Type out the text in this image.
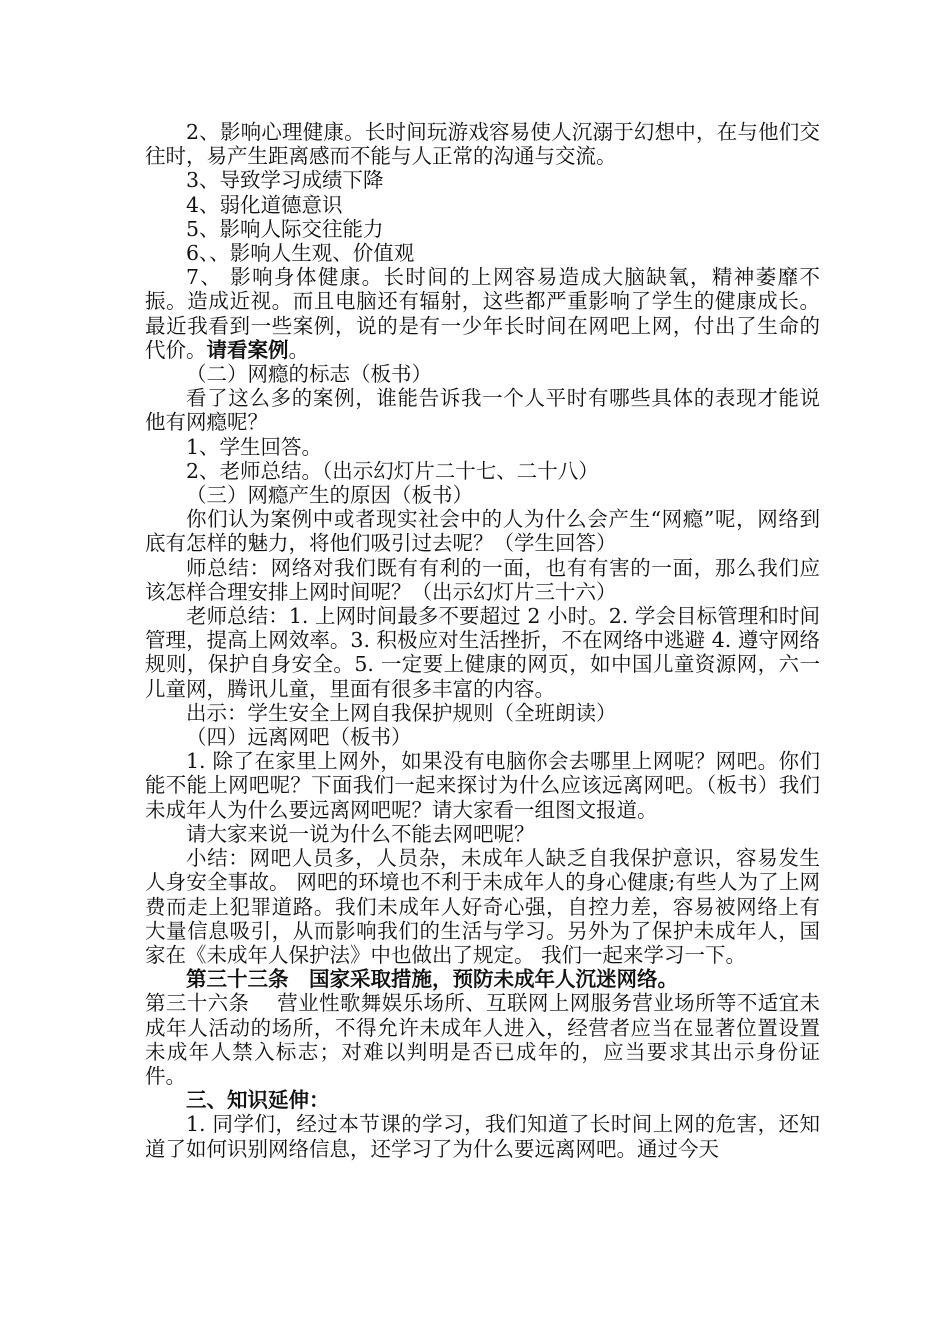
2、影响心理健康。长时间玩游戏容易使人沉溺于幻想中，在与他们交往时，易产生距离感而不能与人正常的沟通与交流。

3、导致学习成绩下降

4、弱化道德意识

5、影响人际交往能力

6、、影响人生观、价值观

7、 影响身体健康。长时间的上网容易造成大脑缺氧，精神萎靡不振。造成近视。而且电脑还有辐射，这些都严重影响了学生的健康成长。最近我看到一些案例，说的是有一少年长时间在网吧上网，付出了生命的代价。请看案例。

（二）网瘾的标志（板书）

看了这么多的案例，谁能告诉我一个人平时有哪些具体的表现才能说他有网瘾呢？

1、学生回答。

2、老师总结。（出示幻灯片二十七、二十八）

（三）网瘾产生的原因（板书）

你们认为案例中或者现实社会中的人为什么会产生“网瘾”呢，网络到底有怎样的魅力，将他们吸引过去呢？（学生回答）

师总结：网络对我们既有有利的一面，也有有害的一面，那么我们应该怎样合理安排上网时间呢？（出示幻灯片三十六）

老师总结：1. 上网时间最多不要超过 2 小时。2. 学会目标管理和时间管理，提高上网效率。3. 积极应对生活挫折，不在网络中逃避 4. 遵守网络规则，保护自身安全。5. 一定要上健康的网页，如中国儿童资源网，六一儿童网，腾讯儿童，里面有很多丰富的内容。

出示：学生安全上网自我保护规则（全班朗读）

（四）远离网吧（板书）

1. 除了在家里上网外，如果没有电脑你会去哪里上网呢？网吧。你们能不能上网吧呢？下面我们一起来探讨为什么应该远离网吧。（板书）我们未成年人为什么要远离网吧呢？请大家看一组图文报道。

请大家来说一说为什么不能去网吧呢？

小结：网吧人员多，人员杂，未成年人缺乏自我保护意识，容易发生人身安全事故。 网吧的环境也不利于未成年人的身心健康;有些人为了上网费而走上犯罪道路。我们未成年人好奇心强，自控力差，容易被网络上有大量信息吸引，从而影响我们的生活与学习。另外为了保护未成年人，国家在《未成年人保护法》中也做出了规定。 我们一起来学习一下。

第三十三条　国家采取措施，预防未成年人沉迷网络。

第三十六条　 营业性歌舞娱乐场所、互联网上网服务营业场所等不适宜未成年人活动的场所，不得允许未成年人进入，经营者应当在显著位置设置未成年人禁入标志；对难以判明是否已成年的，应当要求其出示身份证件。

三、知识延伸：

1. 同学们，经过本节课的学习，我们知道了长时间上网的危害，还知道了如何识别网络信息，还学习了为什么要远离网吧。通过今天
